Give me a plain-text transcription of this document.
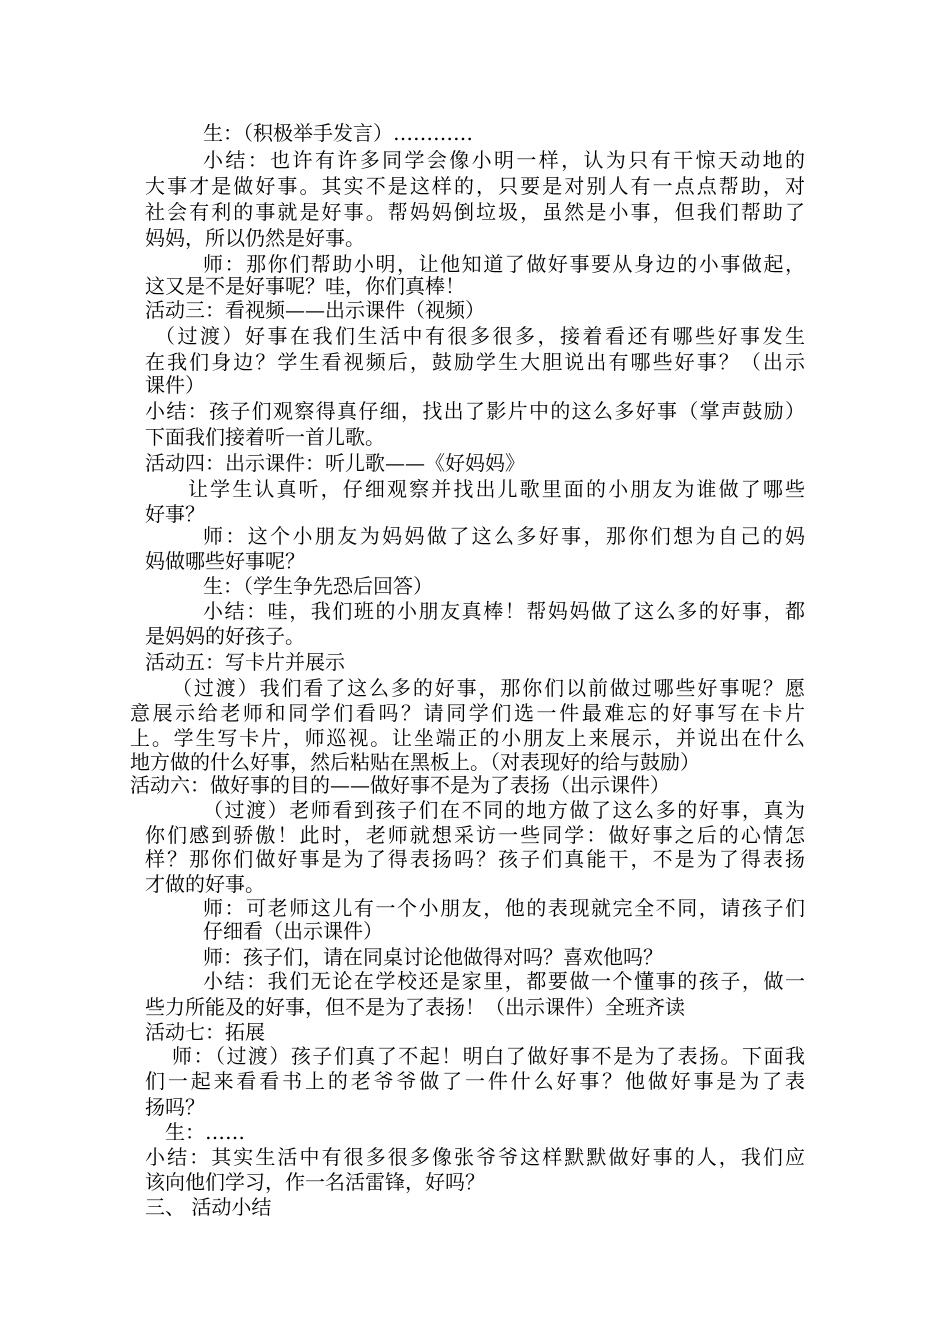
生：（积极举手发言）…………
小结：也许有许多同学会像小明一样，认为只有干惊天动地的
大事才是做好事。其实不是这样的，只要是对别人有一点点帮助，对
社会有利的事就是好事。帮妈妈倒垃圾，虽然是小事，但我们帮助了
妈妈，所以仍然是好事。
师：那你们帮助小明，让他知道了做好事要从身边的小事做起，
这又是不是好事呢？哇，你们真棒！
活动三：看视频——出示课件（视频）
（过渡）好事在我们生活中有很多很多，接着看还有哪些好事发生
在我们身边？学生看视频后，鼓励学生大胆说出有哪些好事？（出示
课件）
小结：孩子们观察得真仔细，找出了影片中的这么多好事（掌声鼓励）
下面我们接着听一首儿歌。
活动四：出示课件：听儿歌——《好妈妈》
让学生认真听，仔细观察并找出儿歌里面的小朋友为谁做了哪些
好事？
师：这个小朋友为妈妈做了这么多好事，那你们想为自己的妈
妈做哪些好事呢？
生：（学生争先恐后回答）
小结：哇，我们班的小朋友真棒！帮妈妈做了这么多的好事，都
是妈妈的好孩子。
活动五：写卡片并展示
（过渡）我们看了这么多的好事，那你们以前做过哪些好事呢？愿
意展示给老师和同学们看吗？请同学们选一件最难忘的好事写在卡片
上。学生写卡片，师巡视。让坐端正的小朋友上来展示，并说出在什么
地方做的什么好事，然后粘贴在黑板上。（对表现好的给与鼓励）
活动六：做好事的目的——做好事不是为了表扬（出示课件）
（过渡）老师看到孩子们在不同的地方做了这么多的好事，真为
你们感到骄傲！此时，老师就想采访一些同学：做好事之后的心情怎
样？那你们做好事是为了得表扬吗？孩子们真能干，不是为了得表扬
才做的好事。
师：可老师这儿有一个小朋友，他的表现就完全不同，请孩子们
仔细看（出示课件）
师：孩子们，请在同桌讨论他做得对吗？喜欢他吗？
小结：我们无论在学校还是家里，都要做一个懂事的孩子，做一
些力所能及的好事，但不是为了表扬！（出示课件）全班齐读
活动七：拓展
师：（过渡）孩子们真了不起！明白了做好事不是为了表扬。下面我
们一起来看看书上的老爷爷做了一件什么好事？他做好事是为了表
扬吗？
生：……
小结：其实生活中有很多很多像张爷爷这样默默做好事的人，我们应
该向他们学习，作一名活雷锋，好吗？
三、 活动小结
